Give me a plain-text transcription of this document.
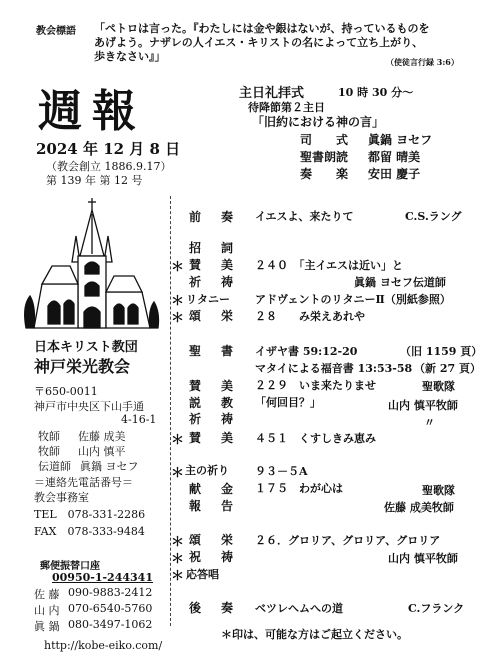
教会標語 「ペトロは言った。『わたしには金や銀はないが、持っているものを
あげよう。ナザレの人イエス・キリストの名によって立ち上がり、
歩きなさい』」	（使徒言行録 3:6）
週報
2024 年 12 月 8 日
（教会創立 1886.9.17）
第 139 年 第 12 号
主日礼拝式	10 時 30 分～
待降節第２主日
「旧約における神の言」
司　　式 眞鍋 ヨセフ
聖書朗読 都留 晴美
奏　　楽 安田 慶子
日本キリスト教団
神戸栄光教会
〒650-0011
神戸市中央区下山手通
4-16-1
牧師 佐藤 成美
牧師 山内 慎平
伝道師 眞鍋 ヨセフ
＝連絡先電話番号＝
教会事務室
TEL　078-331-2286
FAX　078-333-9484
郵便振替口座
00950-1-244341
佐 藤 090-9883-2412
山 内 070-6540-5760
眞 鍋 080-3497-1062
http://kobe-eiko.com/
前　奏 イエスよ、来たりて	C.S.ラング
招　詞
＊ 賛　美 ２４０　「主イエスは近い」と
祈　祷	眞鍋 ヨセフ伝道師
＊ リタニー アドヴェントのリタニーⅡ（別紙参照）
＊ 頌　栄 ２８　　み栄えあれや
聖　書 イザヤ書 59:12-20	（旧 1159 頁）
マタイによる福音書 13:53-58 （新 27 頁）
賛　美 ２２９　いま来たりませ	聖歌隊
説　教 「何回目？」	山内 慎平牧師
祈　祷	〃
＊ 賛　美 ４５１　くすしきみ恵み
＊ 主の祈り ９３－５A
献　金 １７５　わが心は	聖歌隊
報　告	佐藤 成美牧師
＊ 頌　栄 ２６．グロリア、グロリア、グロリア
＊ 祝　祷	山内 慎平牧師
＊ 応答唱
後　奏 ベツレヘムへの道	C.フランク
＊印は、可能な方はご起立ください。
